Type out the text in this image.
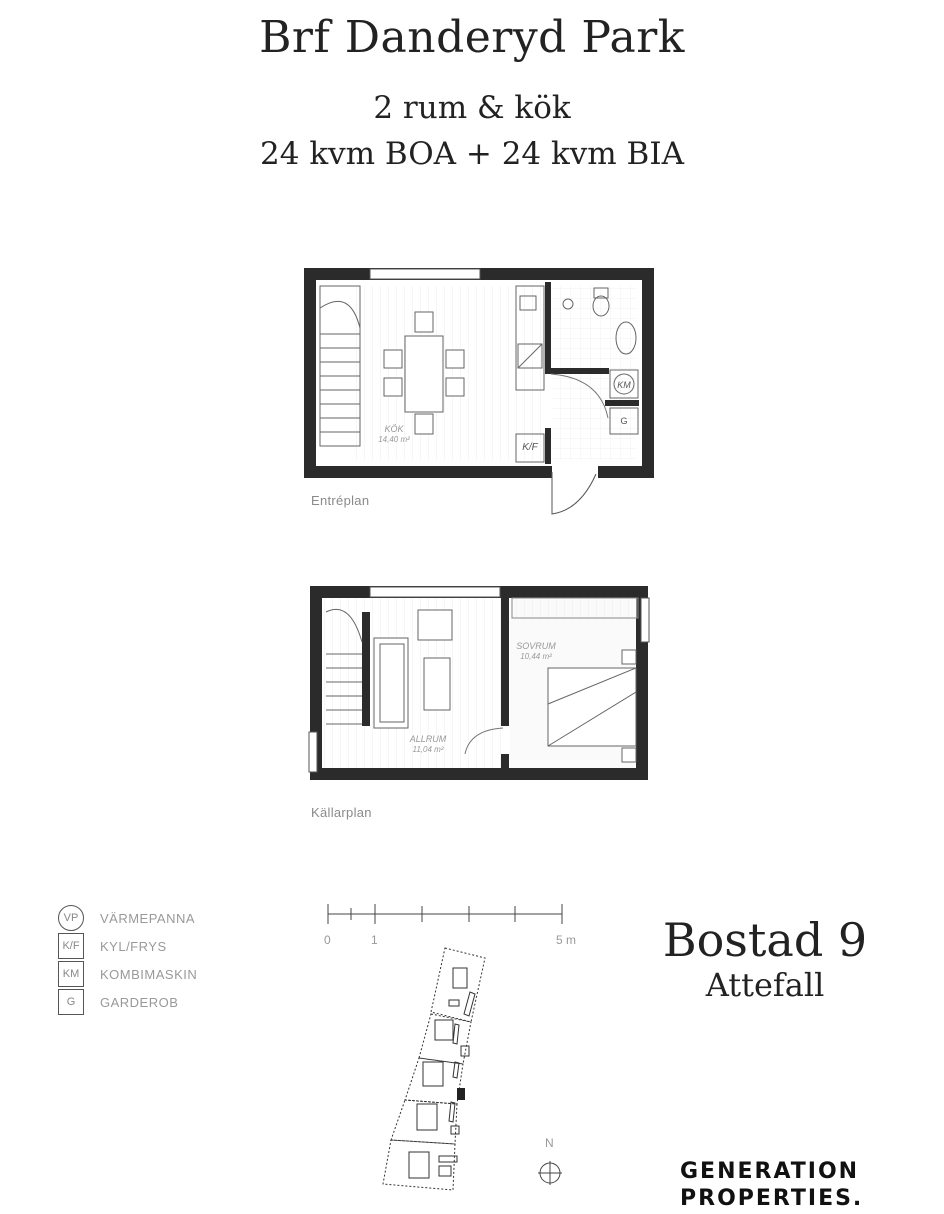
Brf Danderyd Park
2 rum & kök
24 kvm BOA + 24 kvm BIA
K/F
KM
G
KÖK
14,40 m²
Entréplan
ALLRUM
11,04 m²
SOVRUM
10,44 m²
Källarplan
VP	VÄRMEPANNA
K/F	KYL/FRYS
KM	KOMBIMASKIN
G	GARDEROB
0	1	5 m
N
Bostad 9
Attefall
GENERATION
PROPERTIES.
